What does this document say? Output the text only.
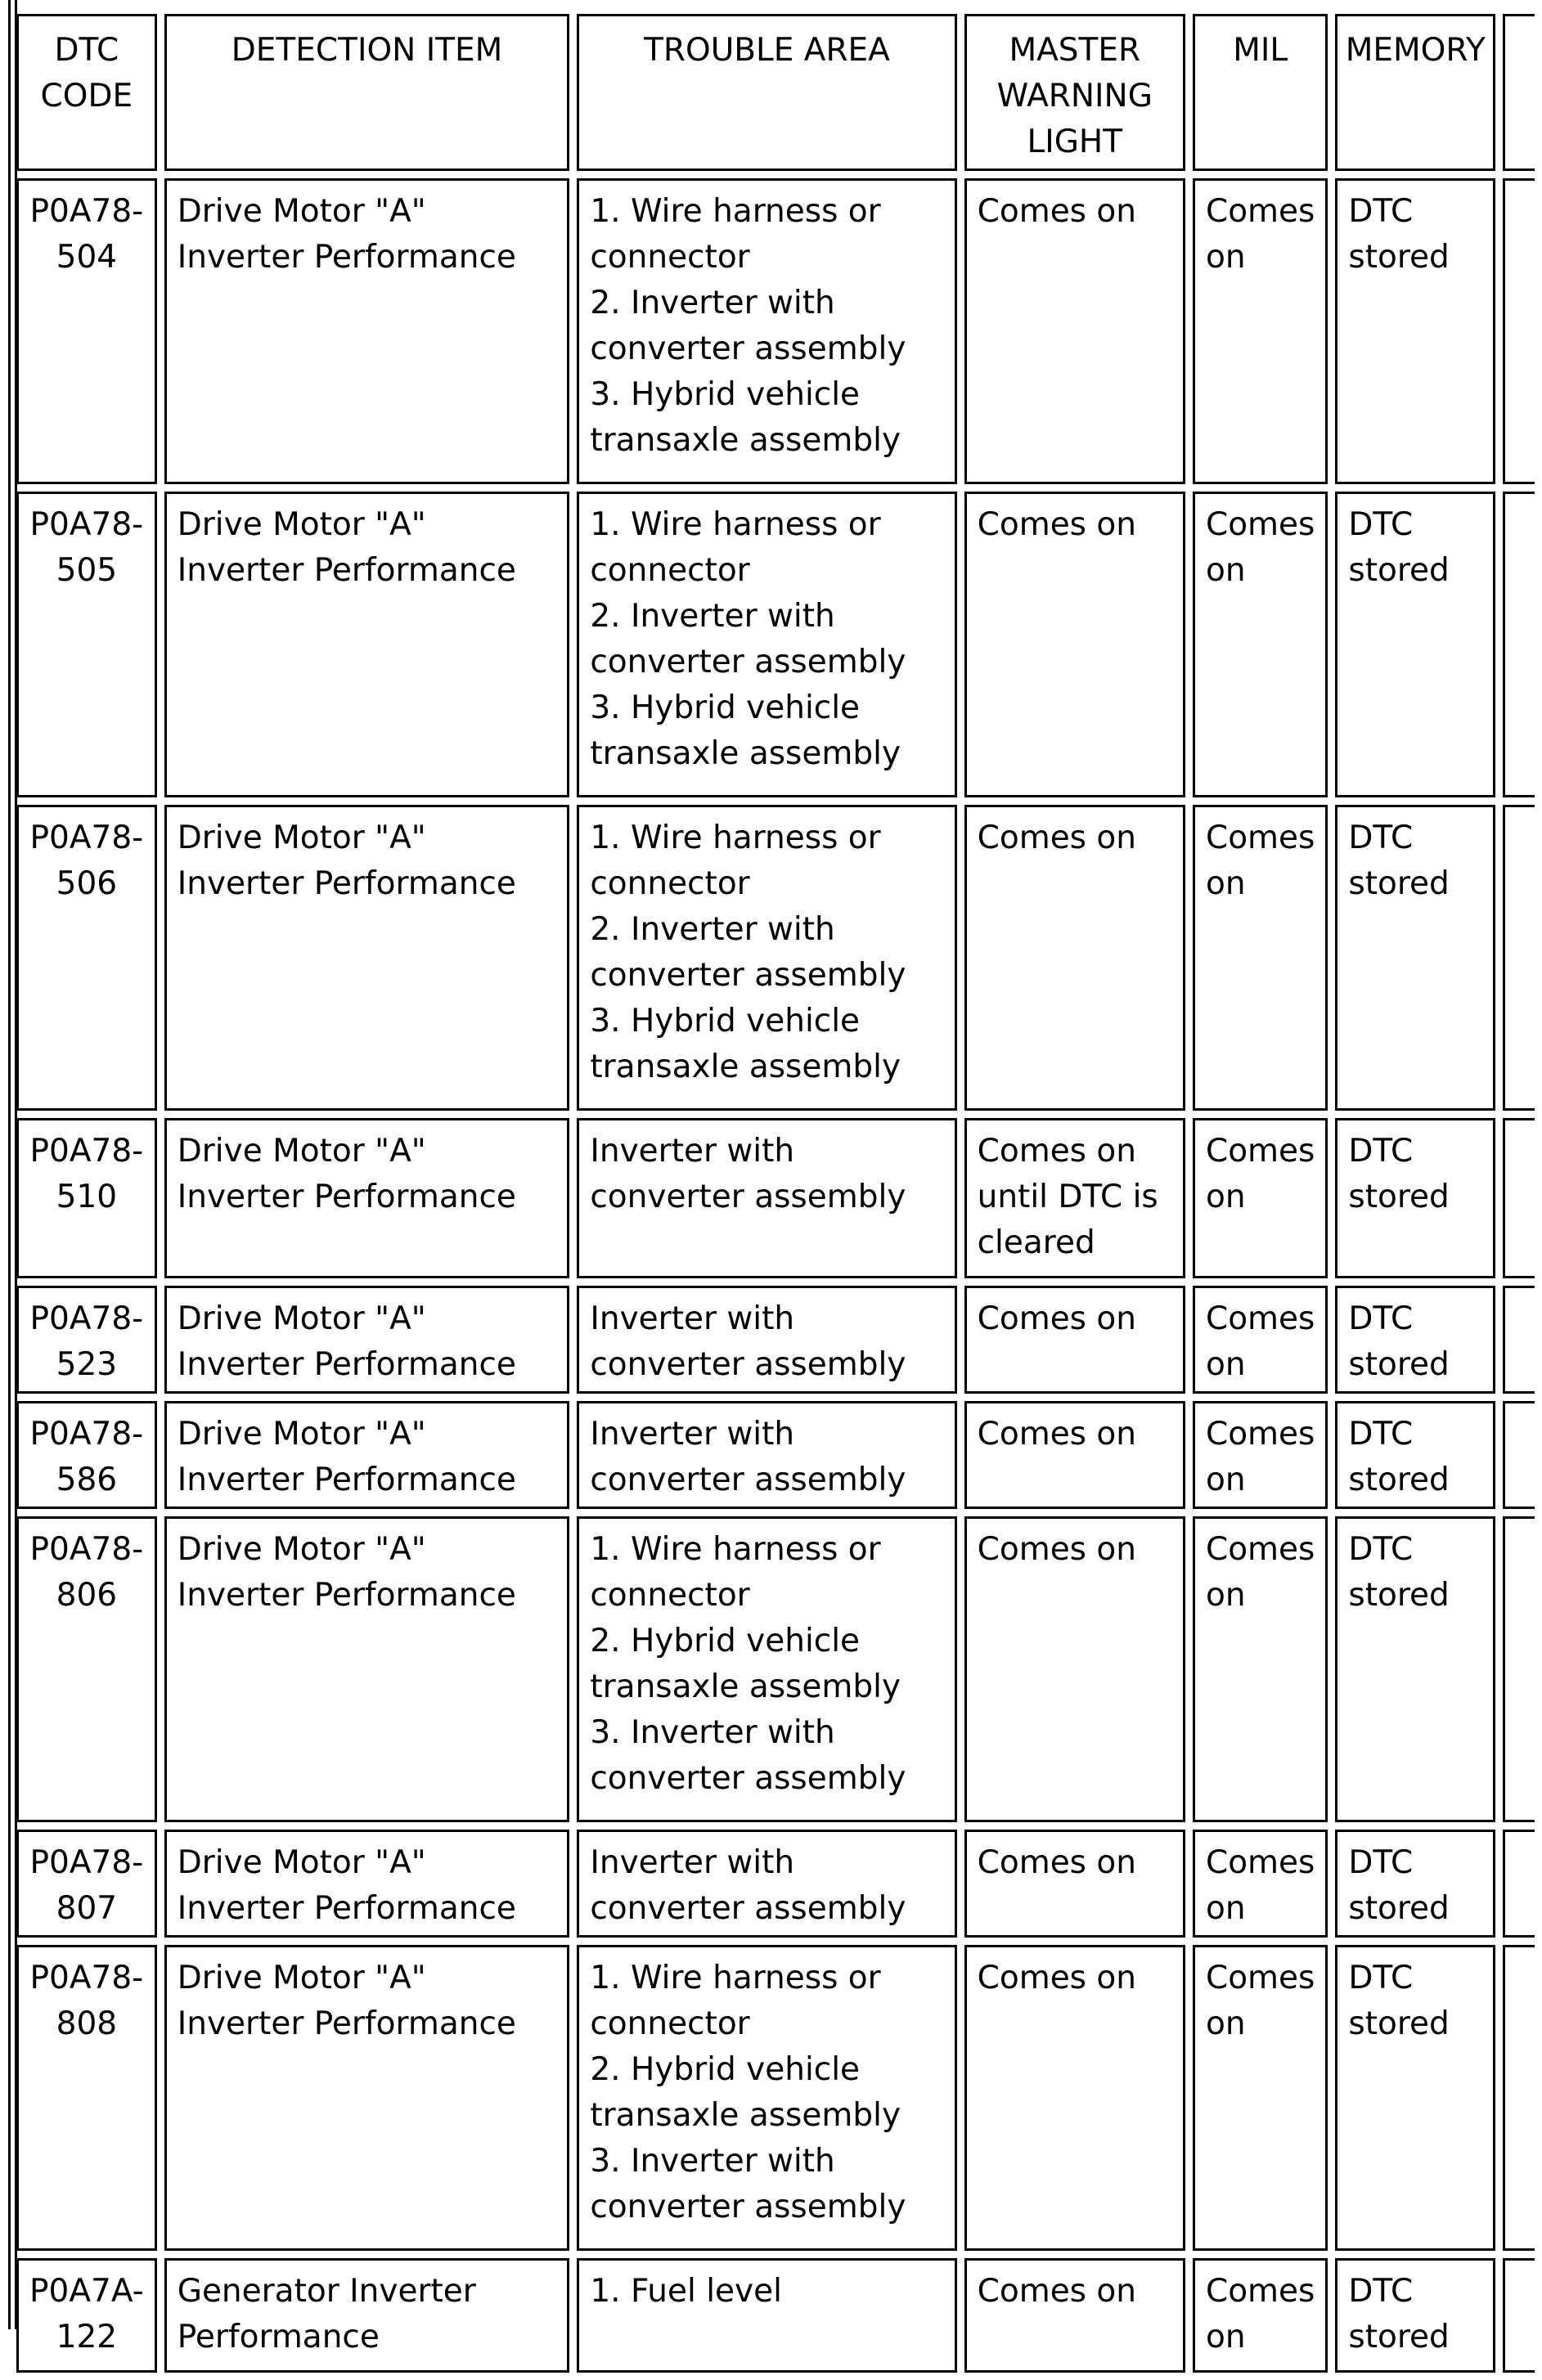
DTC CODE	DETECTION ITEM	TROUBLE AREA	MASTER WARNING LIGHT	MIL	MEMORY	

P0A78-
504	Drive Motor "A" Inverter Performance	1. Wire harness or connector
2. Inverter with converter assembly
3. Hybrid vehicle transaxle assembly	Comes on	Comes on	DTC stored	

P0A78-
505	Drive Motor "A" Inverter Performance	1. Wire harness or connector
2. Inverter with converter assembly
3. Hybrid vehicle transaxle assembly	Comes on	Comes on	DTC stored	

P0A78-
506	Drive Motor "A" Inverter Performance	1. Wire harness or connector
2. Inverter with converter assembly
3. Hybrid vehicle transaxle assembly	Comes on	Comes on	DTC stored	

P0A78-
510	Drive Motor "A" Inverter Performance	Inverter with converter assembly	Comes on until DTC is cleared	Comes on	DTC stored	

P0A78-
523	Drive Motor "A" Inverter Performance	Inverter with converter assembly	Comes on	Comes on	DTC stored	

P0A78-
586	Drive Motor "A" Inverter Performance	Inverter with converter assembly	Comes on	Comes on	DTC stored	

P0A78-
806	Drive Motor "A" Inverter Performance	1. Wire harness or connector
2. Hybrid vehicle transaxle assembly
3. Inverter with converter assembly	Comes on	Comes on	DTC stored	

P0A78-
807	Drive Motor "A" Inverter Performance	Inverter with converter assembly	Comes on	Comes on	DTC stored	

P0A78-
808	Drive Motor "A" Inverter Performance	1. Wire harness or connector
2. Hybrid vehicle transaxle assembly
3. Inverter with converter assembly	Comes on	Comes on	DTC stored	

P0A7A-
122	Generator Inverter Performance	1. Fuel level	Comes on	Comes on	DTC stored	
